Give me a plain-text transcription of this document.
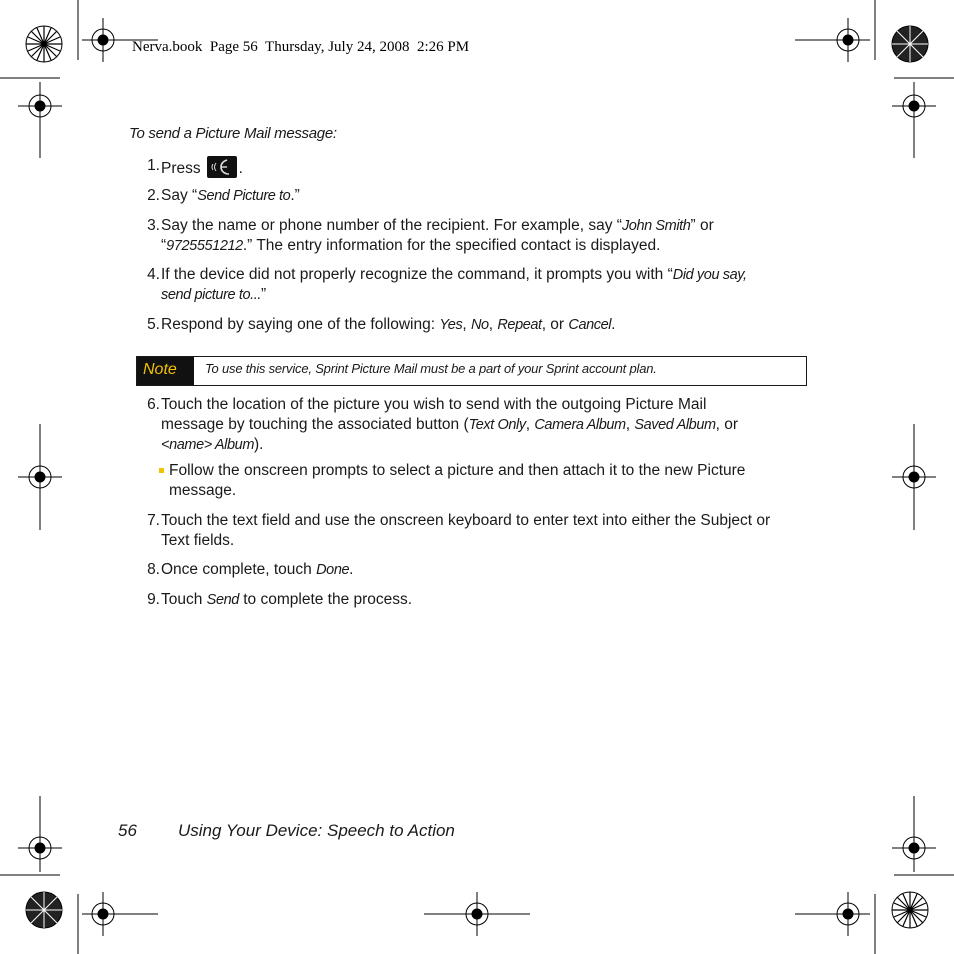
Nerva.book  Page 56  Thursday, July 24, 2008  2:26 PM
To send a Picture Mail message:
1. Press .
2. Say “Send Picture to.”
3. Say the name or phone number of the recipient. For example, say “John Smith” or
“9725551212.” The entry information for the specified contact is displayed.
4. If the device did not properly recognize the command, it prompts you with “Did you say,
send picture to...”
5. Respond by saying one of the following: Yes, No, Repeat, or Cancel.
Note	To use this service, Sprint Picture Mail must be a part of your Sprint account plan.
6. Touch the location of the picture you wish to send with the outgoing Picture Mail
message by touching the associated button (Text Only, Camera Album, Saved Album, or
<name> Album).
Follow the onscreen prompts to select a picture and then attach it to the new Picture
message.
7. Touch the text field and use the onscreen keyboard to enter text into either the Subject or
Text fields.
8. Once complete, touch Done.
9. Touch Send to complete the process.
56 Using Your Device: Speech to Action
